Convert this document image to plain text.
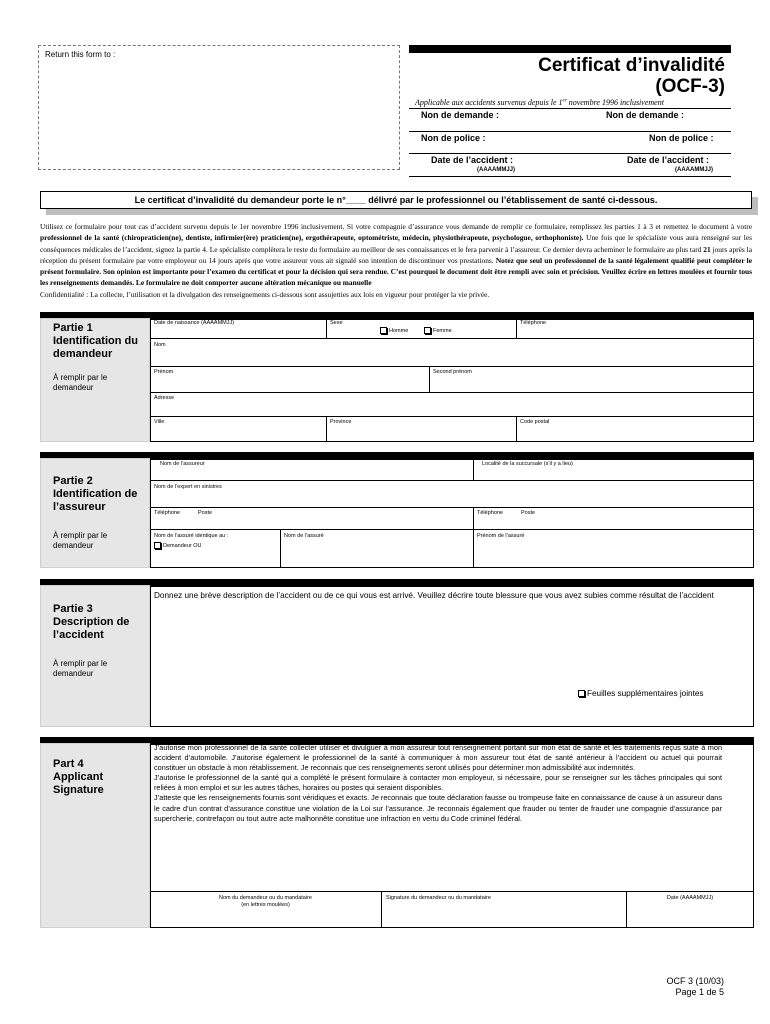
Return this form to :
Certificat d’invalidité
(OCF-3)
Applicable aux accidents survenus depuis le 1er novembre 1996 inclusivement
Non de demande :	Non de demande :
Non de police :	Non de police :
Date de l’accident :	Date de l’accident :
(AAAAMMJJ)	(AAAAMMJJ)
Le certificat d’invalidité du demandeur porte le n°____ délivré par le professionnel ou l’établissement de santé ci-dessous.
Utilisez ce formulaire pour tout cas d’accident survenu depuis le 1er novembre 1996 inclusivement. Si votre compagnie d’assurance vous demande de remplir ce formulaire, remplissez les parties 1 à 3 et remettez le document à votre professionnel de la santé (chiropraticien(ne), dentiste, infirmier(ère) praticien(ne), ergothérapeute, optométriste, médecin, physiothérapeute, psychologue, orthophoniste). Une fois que le spécialiste vous aura renseigné sur les conséquences médicales de l’accident, signez la partie 4. Le spécialiste complètera le reste du formulaire au meilleur de ses connaissances et le fera parvenir à l’assureur. Ce dernier devra acheminer le formulaire au plus tard 21 jours après la réception du présent formulaire par votre employeur ou 14 jours après que votre assureur vous ait signalé son intention de discontinuer vos prestations. Notez que seul un professionnel de la santé légalement qualifié peut compléter le présent formulaire. Son opinion est importante pour l’examen du certificat et pour la décision qui sera rendue. C’est pourquoi le document doit être rempli avec soin et précision. Veuillez écrire en lettres moulées et fournir tous les renseignements demandés. Le formulaire ne doit comporter aucune altération mécanique ou manuelle
Confidentialité : La collecte, l’utilisation et la divulgation des renseignements ci-dessous sont assujetties aux lois en vigueur pour protéger la vie privée.
Partie 1 Identification du demandeur
À remplir par le demandeur
Date de naissance (AAAAMMJJ)	Sexe
Homme	Femme
Téléphone
Nom
Prénom	Second prénom
Adresse
Ville	Province	Code postal
Partie 2 Identification de l’assureur
À remplir par le demandeur
Nom de l’assureur	Localité de la succursale (s’il y a lieu)
Nom de l’expert en sinistres
Téléphone	Poste	Téléphone	Poste
Nom de l’assuré identique au :
Demandeur OU
Nom de l’assuré	Prénom de l’assuré
Partie 3 Description de l’accident
À remplir par le demandeur
Donnez une brève description de l’accident ou de ce qui vous est arrivé. Veuillez décrire toute blessure que vous avez subies comme résultat de l’accident
Feuilles supplémentaires jointes
Part 4 Applicant Signature
J’autorise mon professionnel de la santé collecter utiliser et divulguer à mon assureur tout renseignement portant sur mon état de santé et les traitements reçus suite à mon accident d’automobile. J’autorise également le professionnel de la santé à communiquer à mon assureur tout état de santé antérieur à l’accident ou actuel qui pourrait constituer un obstacle à mon rétablissement. Je reconnais que ces renseignements seront utilisés pour déterminer mon admissibilité aux indemnités.
J’autorise le professionnel de la santé qui a complété le présent formulaire à contacter mon employeur, si nécessaire, pour se renseigner sur les tâches principales qui sont reliées à mon emploi et sur les autres tâches, horaires ou postes qui seraient disponibles.
J’atteste que les renseignements fournis sont véridiques et exacts. Je reconnais que toute déclaration fausse ou trompeuse faite en connaissance de cause à un assureur dans le cadre d’un contrat d’assurance constitue une violation de la Loi sur l’assurance. Je reconnais également que frauder ou tenter de frauder une compagnie d’assurance par supercherie, contrefaçon ou tout autre acte malhonnête constitue une infraction en vertu du Code criminel fédéral.
Nom du demandeur ou du mandataire
(en lettres moulées)
Signature du demandeur ou du mandataire	Date (AAAAMMJJ)
OCF 3 (10/03)
Page 1 de 5
